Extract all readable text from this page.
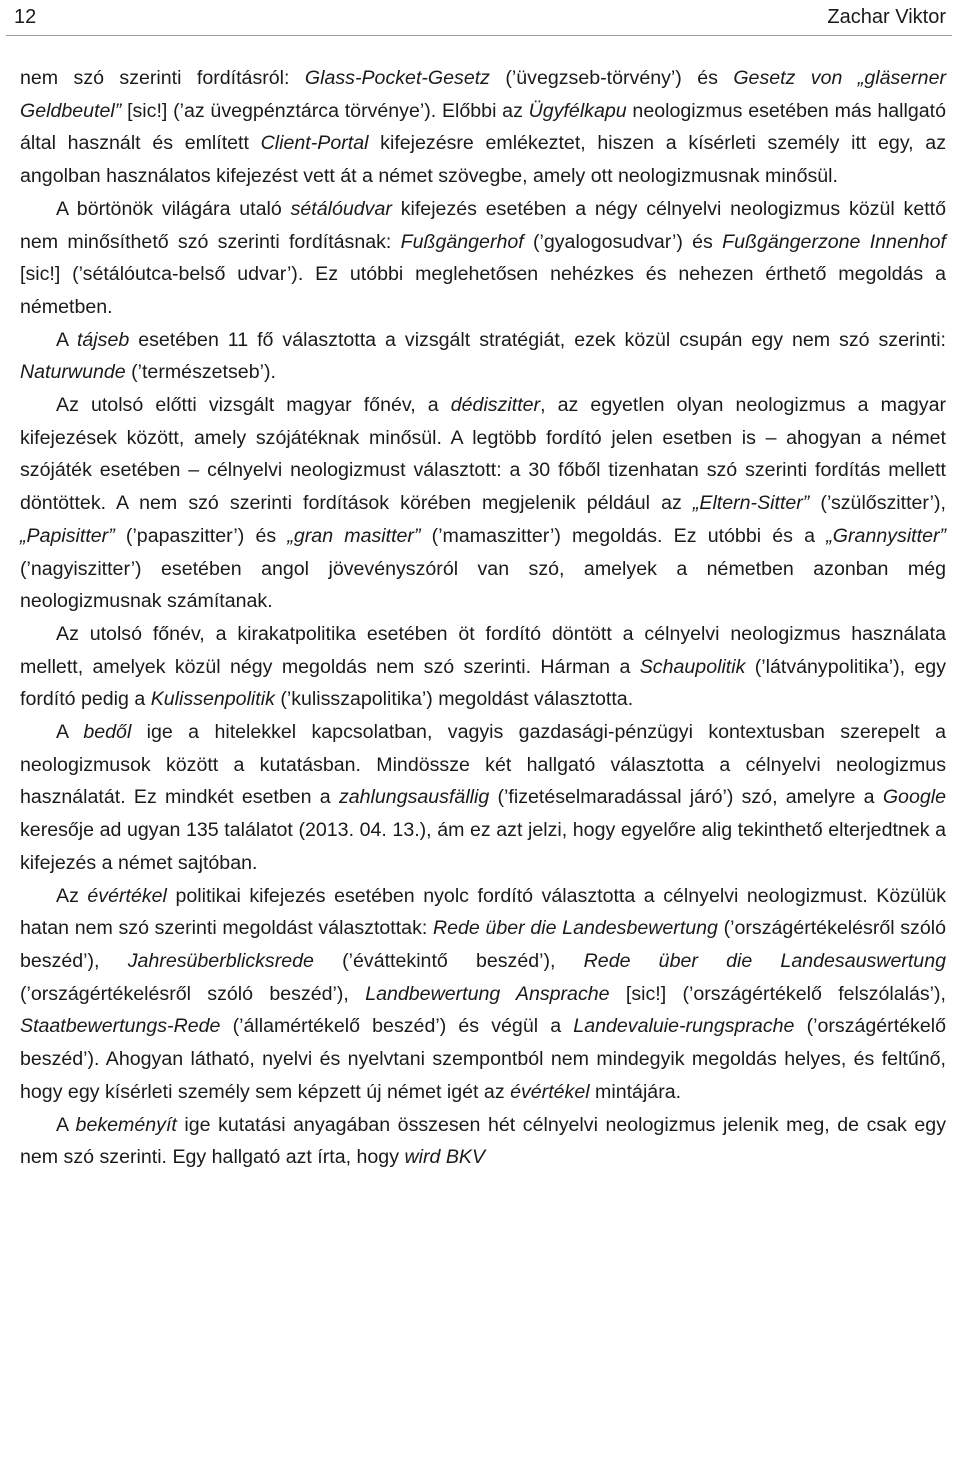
12	Zachar Viktor

nem szó szerinti fordításról: Glass-Pocket-Gesetz (’üvegzseb-törvény’) és Gesetz von „gläserner Geldbeutel” [sic!] (’az üvegpénztárca törvénye’). Előbbi az Ügyfélkapu neologizmus esetében más hallgató által használt és említett Client-Portal kifejezésre emlékeztet, hiszen a kísérleti személy itt egy, az angolban használatos kifejezést vett át a német szövegbe, amely ott neologizmusnak minősül.

A börtönök világára utaló sétálóudvar kifejezés esetében a négy célnyelvi neologizmus közül kettő nem minősíthető szó szerinti fordításnak: Fußgängerhof (’gyalogosudvar’) és Fußgängerzone Innenhof [sic!] (’sétálóutca-belső udvar’). Ez utóbbi meglehetősen nehézkes és nehezen érthető megoldás a németben.

A tájseb esetében 11 fő választotta a vizsgált stratégiát, ezek közül csupán egy nem szó szerinti: Naturwunde (’természetseb’).

Az utolsó előtti vizsgált magyar főnév, a dédiszitter, az egyetlen olyan neologizmus a magyar kifejezések között, amely szójátéknak minősül. A legtöbb fordító jelen esetben is – ahogyan a német szójáték esetében – célnyelvi neologizmust választott: a 30 főből tizenhatan szó szerinti fordítás mellett döntöttek. A nem szó szerinti fordítások körében megjelenik például az „Eltern-Sitter” (’szülőszitter’), „Papisitter” (’papaszitter’) és „gran masitter” (’mamaszitter’) megoldás. Ez utóbbi és a „Grannysitter” (’nagyiszitter’) esetében angol jövevényszóról van szó, amelyek a németben azonban még neologizmusnak számítanak.

Az utolsó főnév, a kirakatpolitika esetében öt fordító döntött a célnyelvi neologizmus használata mellett, amelyek közül négy megoldás nem szó szerinti. Hárman a Schaupolitik (’látványpolitika’), egy fordító pedig a Kulissenpolitik (’kulisszapolitika’) megoldást választotta.

A bedől ige a hitelekkel kapcsolatban, vagyis gazdasági-pénzügyi kontextusban szerepelt a neologizmusok között a kutatásban. Mindössze két hallgató választotta a célnyelvi neologizmus használatát. Ez mindkét esetben a zahlungsausfällig (’fizetéselmaradással járó’) szó, amelyre a Google keresője ad ugyan 135 találatot (2013. 04. 13.), ám ez azt jelzi, hogy egyelőre alig tekinthető elterjedtnek a kifejezés a német sajtóban.

Az évértékel politikai kifejezés esetében nyolc fordító választotta a célnyelvi neologizmust. Közülük hatan nem szó szerinti megoldást választottak: Rede über die Landesbewertung (’országértékelésről szóló beszéd’), Jahresüberblicksrede (’éváttekintő beszéd’), Rede über die Landesauswertung (’országértékelésről szóló beszéd’), Landbewertung Ansprache [sic!] (’országértékelő felszólalás’), Staatbewertungs-Rede (’államértékelő beszéd’) és végül a Landevaluie-rungsprache (’országértékelő beszéd’). Ahogyan látható, nyelvi és nyelvtani szempontból nem mindegyik megoldás helyes, és feltűnő, hogy egy kísérleti személy sem képzett új német igét az évértékel mintájára.

A bekeményít ige kutatási anyagában összesen hét célnyelvi neologizmus jelenik meg, de csak egy nem szó szerinti. Egy hallgató azt írta, hogy wird BKV
